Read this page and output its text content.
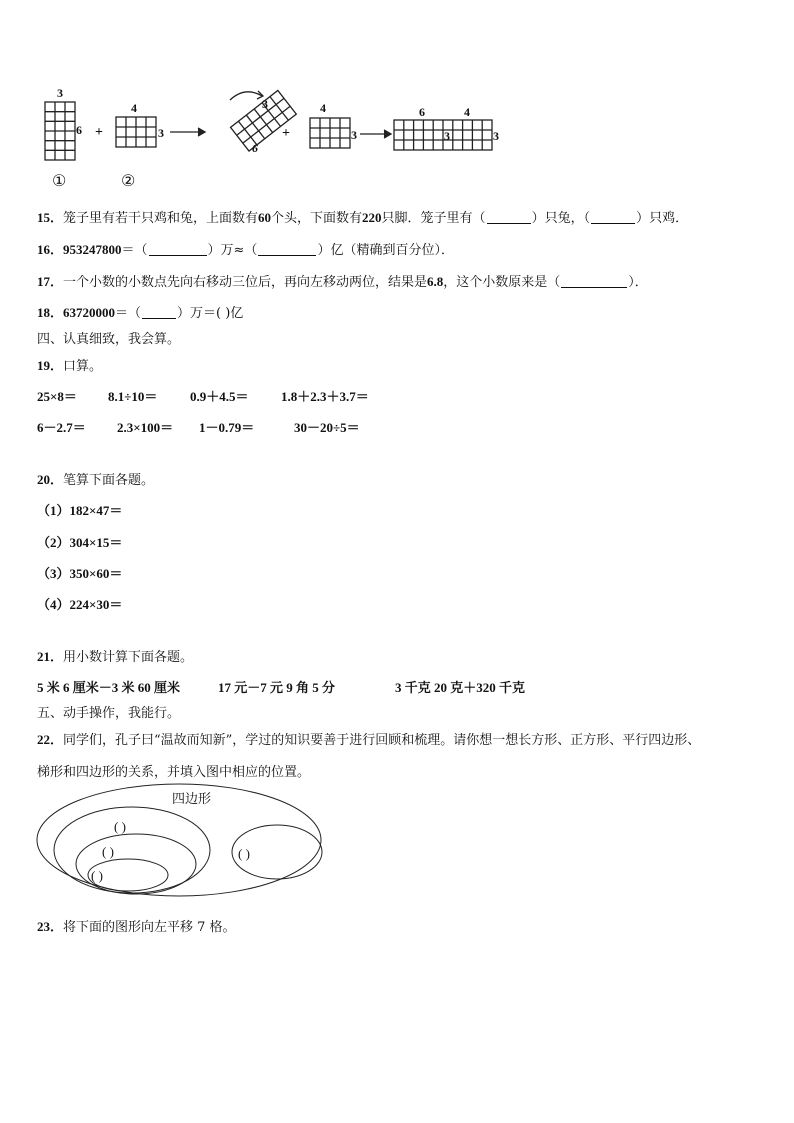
3
6 +
4
3
3
6
+
4
3
6	4
3	3
①	②
15．笼子里有若干只鸡和兔，上面数有60个头，下面数有220只脚．笼子里有（	）只兔，（	）只鸡．
16．953247800＝（	）万≈（	）亿（精确到百分位）．
17．一个小数的小数点先向右移动三位后，再向左移动两位，结果是6.8，这个小数原来是（	）．
18．63720000＝（	）万＝( )亿
四、认真细致，我会算。
19．口算。
25×8＝ 8.1÷10＝	0.9＋4.5＝ 1.8＋2.3＋3.7＝
6－2.7＝ 2.3×100＝ 1－0.79＝	30－20÷5＝
20．笔算下面各题。
（1）182×47＝
（2）304×15＝
（3）350×60＝
（4）224×30＝
21．用小数计算下面各题。
5 米 6 厘米－3 米 60 厘米	17 元－7 元 9 角 5 分	3 千克 20 克＋320 千克
五、动手操作，我能行。
22．同学们，孔子曰“温故而知新”，学过的知识要善于进行回顾和梳理。请你想一想长方形、正方形、平行四边形、
梯形和四边形的关系，并填入图中相应的位置。
四边形
( )
( )
( )
( )
23．将下面的图形向左平移 7 格。
